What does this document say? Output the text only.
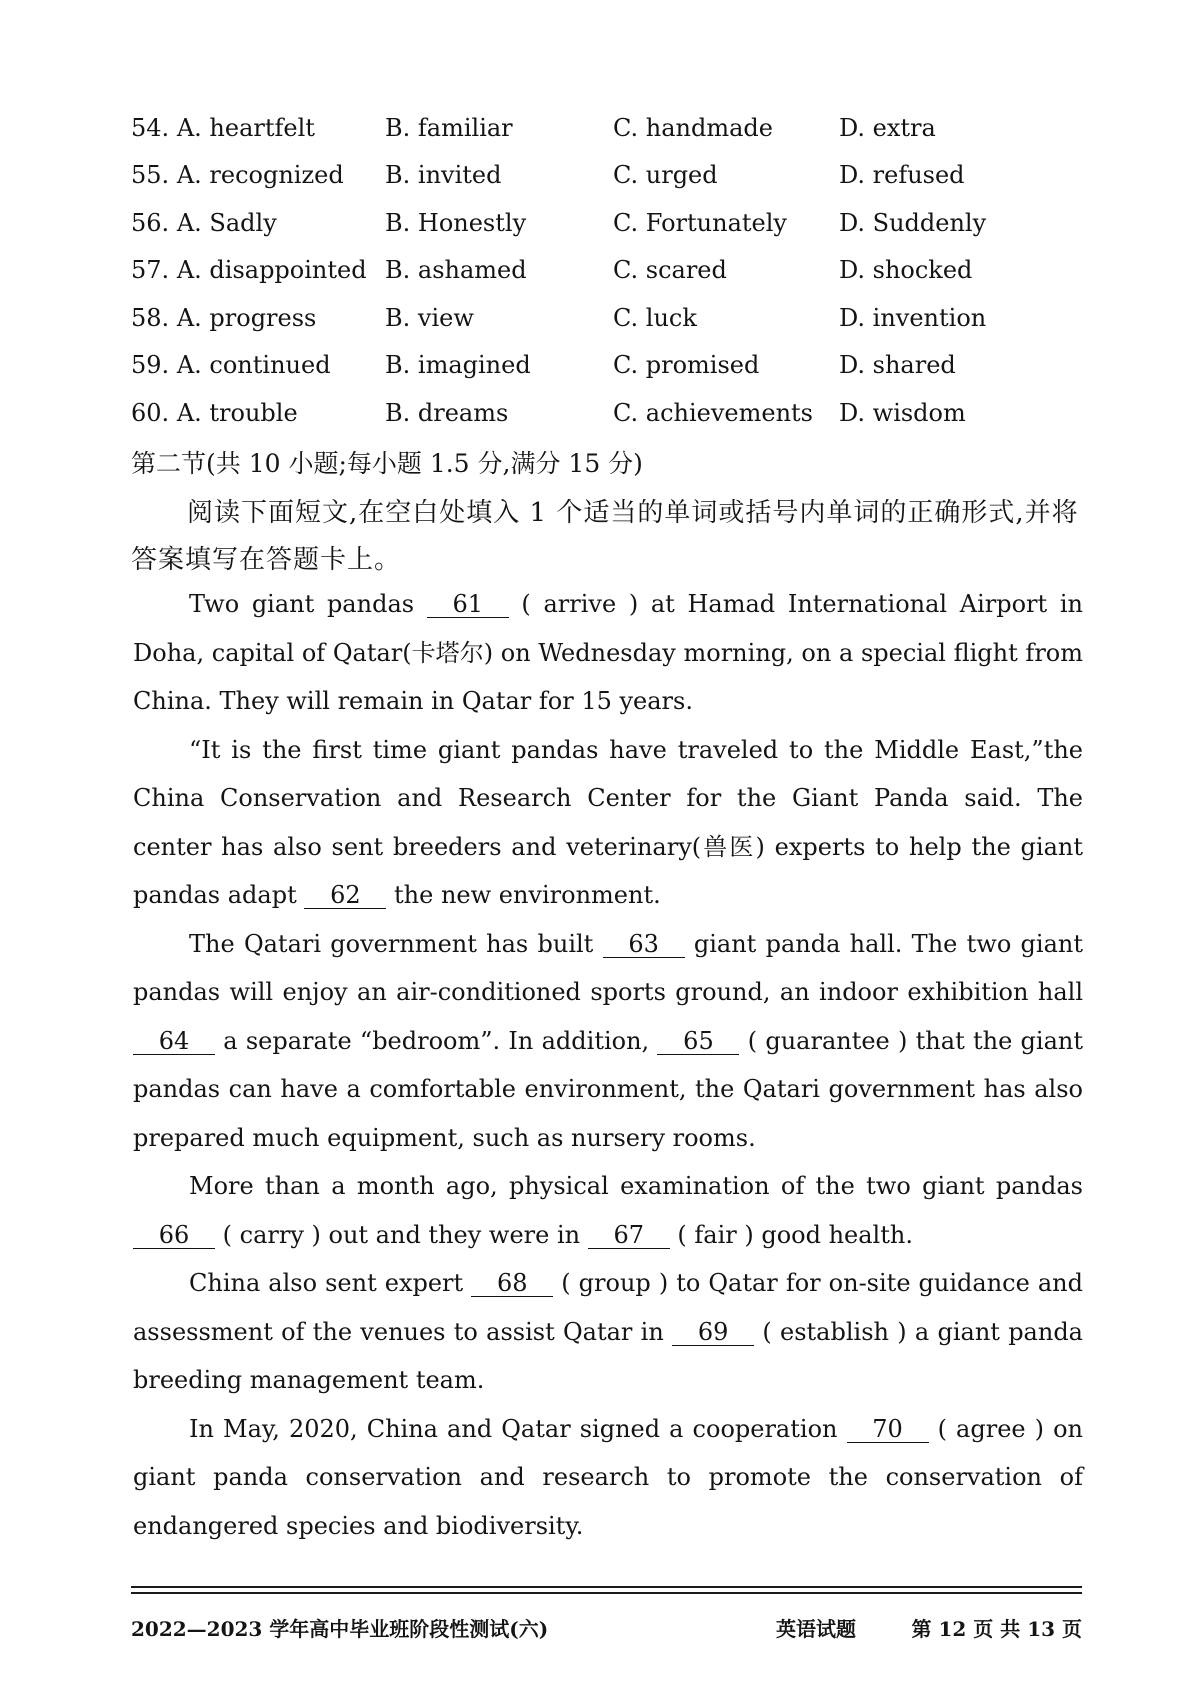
54. A. heartfelt	B. familiar	C. handmade	D. extra
55. A. recognized	B. invited	C. urged	D. refused
56. A. Sadly	B. Honestly	C. Fortunately	D. Suddenly
57. A. disappointed B. ashamed	C. scared	D. shocked
58. A. progress	B. view	C. luck	D. invention
59. A. continued	B. imagined	C. promised	D. shared
60. A. trouble	B. dreams	C. achievements	D. wisdom
第二节(共 10 小题;每小题 1.5 分,满分 15 分)
阅读下面短文,在空白处填入 1 个适当的单词或括号内单词的正确形式,并将答案填写在答题卡上。

Two giant pandas 61 ( arrive ) at Hamad International Airport in Doha, capital of Qatar(卡塔尔) on Wednesday morning, on a special flight from China. They will remain in Qatar for 15 years.

“It is the first time giant pandas have traveled to the Middle East,”the China Conservation and Research Center for the Giant Panda said. The center has also sent breeders and veterinary(兽医) experts to help the giant pandas adapt 62 the new environment.

The Qatari government has built 63 giant panda hall. The two giant pandas will enjoy an air-conditioned sports ground, an indoor exhibition hall 64 a separate “bedroom”. In addition, 65 ( guarantee ) that the giant pandas can have a comfortable environment, the Qatari government has also prepared much equipment, such as nursery rooms.

More than a month ago, physical examination of the two giant pandas 66 ( carry ) out and they were in 67 ( fair ) good health.

China also sent expert 68 ( group ) to Qatar for on-site guidance and assessment of the venues to assist Qatar in 69 ( establish ) a giant panda breeding management team.

In May, 2020, China and Qatar signed a cooperation 70 ( agree ) on giant panda conservation and research to promote the conservation of endangered species and biodiversity.

2022—2023 学年高中毕业班阶段性测试(六)	英语试题	第 12 页 共 13 页
